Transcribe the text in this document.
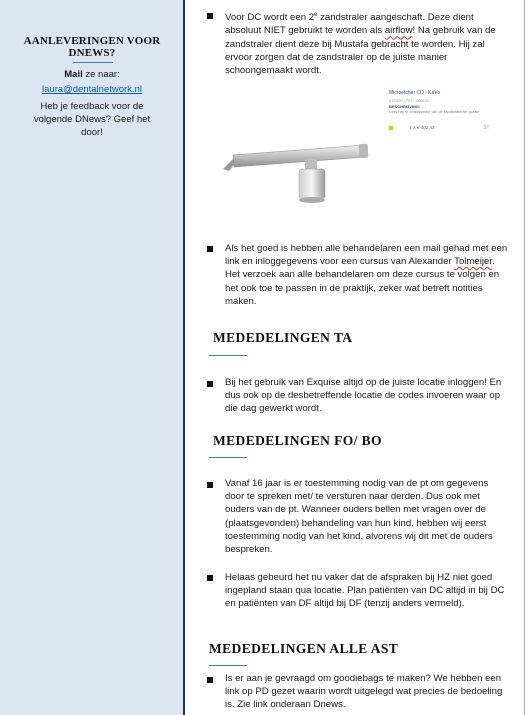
AANLEVERINGEN VOOR
DNEWS?
Mail ze naar:
laura@dentalnetwork.nl
Heb je feedback voor de volgende DNews? Geef het door!
Voor DC wordt een 2e zandstraler aangeschaft. Deze dient absoluut NIET gebruikt te worden als airflow! Na gebruik van de zandstraler dient deze bij Mustafa gebracht te worden. Hij zal ervoor zorgen dat de zandstraler op de juiste manier schoongemaakt wordt.
Microetcher CD - KaVo
Z12000 | 707 - 400100
BESCHRIJVING:
Direct op te ontkoppelen van de zandstraler/ke positie
1 X € 402,43	ST
Als het goed is hebben alle behandelaren een mail gehad met een link en inloggegevens voor een cursus van Alexander Tolmeijer. Het verzoek aan alle behandelaren om deze cursus te volgen en het ook toe te passen in de praktijk, zeker wat betreft notities maken.
MEDEDELINGEN TA
Bij het gebruik van Exquise altijd op de juiste locatie inloggen! En dus ook op de desbetreffende locatie de codes invoeren waar op die dag gewerkt wordt.
MEDEDELINGEN FO/ BO
Vanaf 16 jaar is er toestemming nodig van de pt om gegevens door te spreken met/ te versturen naar derden. Dus ook met ouders van de pt. Wanneer ouders bellen met vragen over de (plaatsgevonden) behandeling van hun kind, hebben wij eerst toestemming nodig van het kind, alvorens wij dit met de ouders bespreken.
Helaas gebeurd het nu vaker dat de afspraken bij HZ niet goed ingepland staan qua locatie. Plan patiënten van DC altijd in bij DC en patiënten van DF altijd bij DF (tenzij anders vermeld).
MEDEDELINGEN ALLE AST
Is er aan je gevraagd om goodiebags te maken? We hebben een link op PD gezet waarin wordt uitgelegd wat precies de bedoeling is. Zie link onderaan Dnews.
